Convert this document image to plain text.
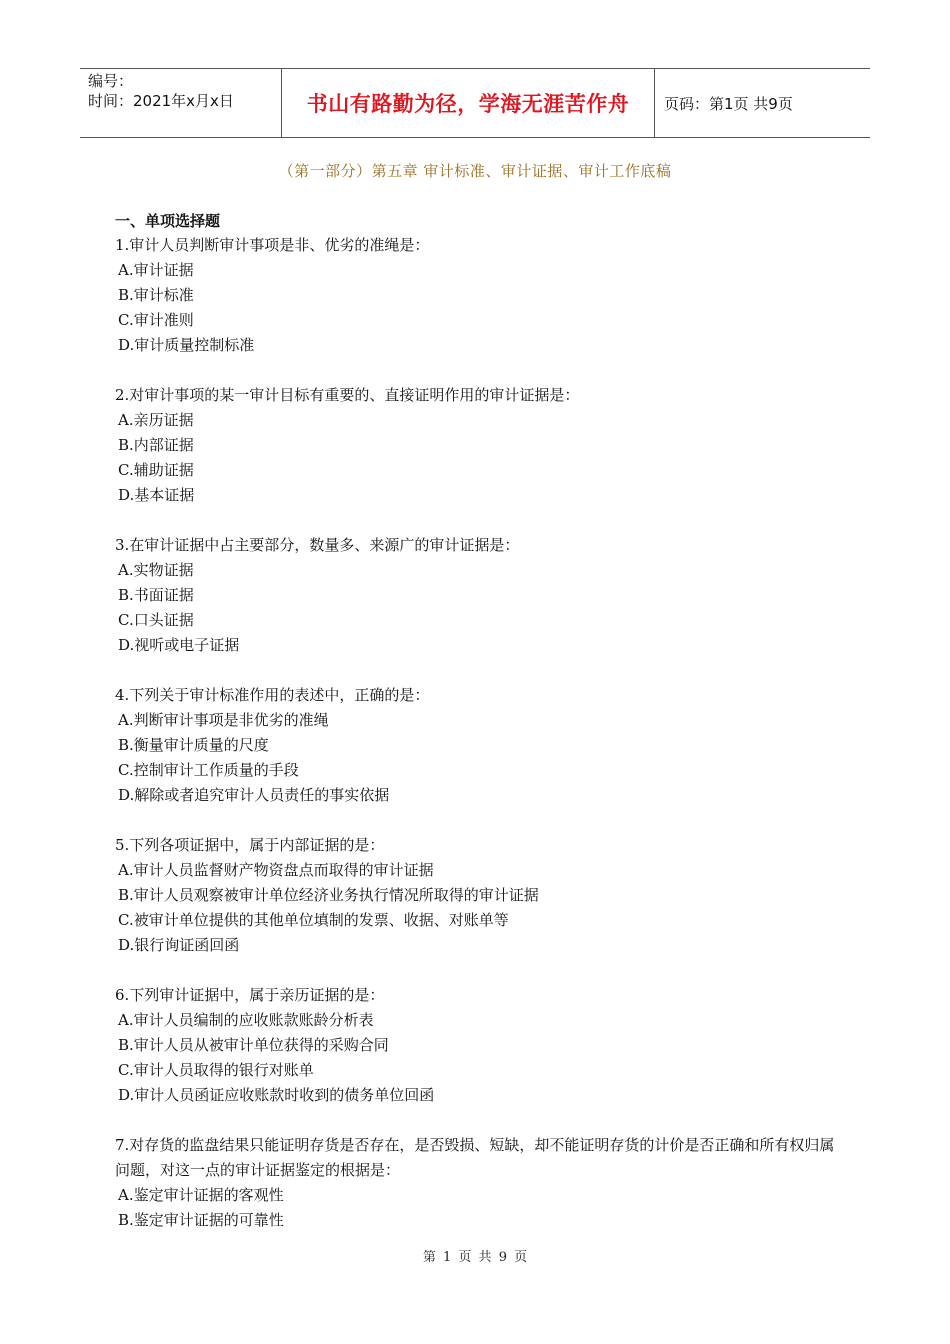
编号：
时间：2021年x月x日	书山有路勤为径，学海无涯苦作舟	页码：第1页 共9页
（第一部分）第五章 审计标准、审计证据、审计工作底稿
一、单项选择题
1.审计人员判断审计事项是非、优劣的准绳是：
A.审计证据
B.审计标准
C.审计准则
D.审计质量控制标准
2.对审计事项的某一审计目标有重要的、直接证明作用的审计证据是：
A.亲历证据
B.内部证据
C.辅助证据
D.基本证据
3.在审计证据中占主要部分，数量多、来源广的审计证据是：
A.实物证据
B.书面证据
C.口头证据
D.视听或电子证据
4.下列关于审计标准作用的表述中，正确的是：
A.判断审计事项是非优劣的准绳
B.衡量审计质量的尺度
C.控制审计工作质量的手段
D.解除或者追究审计人员责任的事实依据
5.下列各项证据中，属于内部证据的是：
A.审计人员监督财产物资盘点而取得的审计证据
B.审计人员观察被审计单位经济业务执行情况所取得的审计证据
C.被审计单位提供的其他单位填制的发票、收据、对账单等
D.银行询证函回函
6.下列审计证据中，属于亲历证据的是：
A.审计人员编制的应收账款账龄分析表
B.审计人员从被审计单位获得的采购合同
C.审计人员取得的银行对账单
D.审计人员函证应收账款时收到的债务单位回函
7.对存货的监盘结果只能证明存货是否存在，是否毁损、短缺，却不能证明存货的计价是否正确和所有权归属问题，对这一点的审计证据鉴定的根据是：
A.鉴定审计证据的客观性
B.鉴定审计证据的可靠性
第 1 页 共 9 页
